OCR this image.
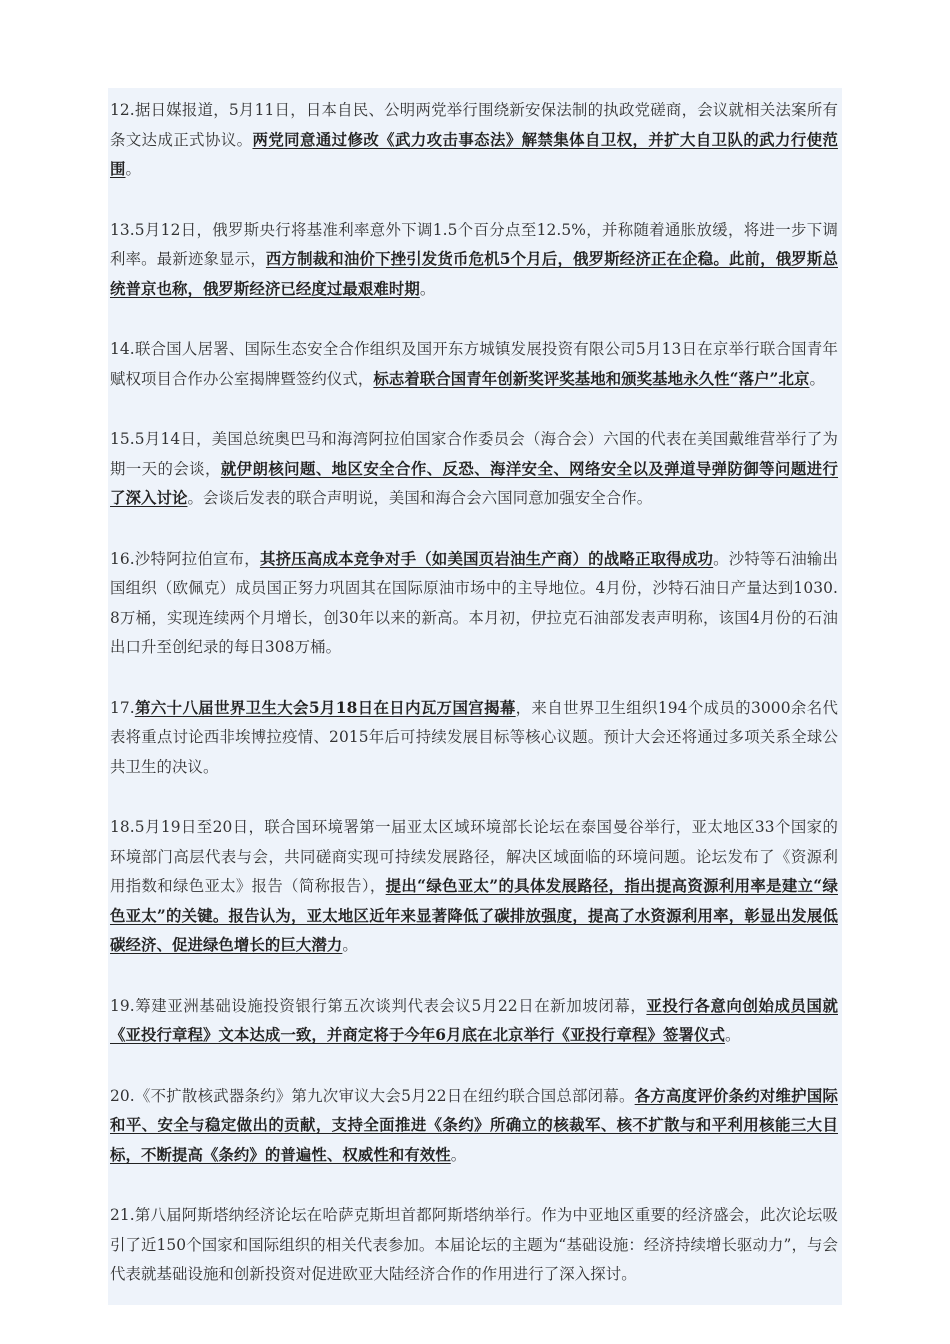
12.据日媒报道，5月11日，日本自民、公明两党举行围绕新安保法制的执政党磋商，会议就相关法案所有条文达成正式协议。两党同意通过修改《武力攻击事态法》解禁集体自卫权，并扩大自卫队的武力行使范围。

13.5月12日，俄罗斯央行将基准利率意外下调1.5个百分点至12.5%，并称随着通胀放缓，将进一步下调利率。最新迹象显示，西方制裁和油价下挫引发货币危机5个月后，俄罗斯经济正在企稳。此前，俄罗斯总统普京也称，俄罗斯经济已经度过最艰难时期。

14.联合国人居署、国际生态安全合作组织及国开东方城镇发展投资有限公司5月13日在京举行联合国青年赋权项目合作办公室揭牌暨签约仪式，标志着联合国青年创新奖评奖基地和颁奖基地永久性“落户”北京。

15.5月14日，美国总统奥巴马和海湾阿拉伯国家合作委员会（海合会）六国的代表在美国戴维营举行了为期一天的会谈，就伊朗核问题、地区安全合作、反恐、海洋安全、网络安全以及弹道导弹防御等问题进行了深入讨论。会谈后发表的联合声明说，美国和海合会六国同意加强安全合作。

16.沙特阿拉伯宣布，其挤压高成本竞争对手（如美国页岩油生产商）的战略正取得成功。沙特等石油输出国组织（欧佩克）成员国正努力巩固其在国际原油市场中的主导地位。4月份，沙特石油日产量达到1030.8万桶，实现连续两个月增长，创30年以来的新高。本月初，伊拉克石油部发表声明称，该国4月份的石油出口升至创纪录的每日308万桶。

17.第六十八届世界卫生大会5月18日在日内瓦万国宫揭幕，来自世界卫生组织194个成员的3000余名代表将重点讨论西非埃博拉疫情、2015年后可持续发展目标等核心议题。预计大会还将通过多项关系全球公共卫生的决议。

18.5月19日至20日，联合国环境署第一届亚太区域环境部长论坛在泰国曼谷举行，亚太地区33个国家的环境部门高层代表与会，共同磋商实现可持续发展路径，解决区域面临的环境问题。论坛发布了《资源利用指数和绿色亚太》报告（简称报告），提出“绿色亚太”的具体发展路径，指出提高资源利用率是建立“绿色亚太”的关键。报告认为，亚太地区近年来显著降低了碳排放强度，提高了水资源利用率，彰显出发展低碳经济、促进绿色增长的巨大潜力。

19.筹建亚洲基础设施投资银行第五次谈判代表会议5月22日在新加坡闭幕，亚投行各意向创始成员国就《亚投行章程》文本达成一致，并商定将于今年6月底在北京举行《亚投行章程》签署仪式。

20.《不扩散核武器条约》第九次审议大会5月22日在纽约联合国总部闭幕。各方高度评价条约对维护国际和平、安全与稳定做出的贡献，支持全面推进《条约》所确立的核裁军、核不扩散与和平利用核能三大目标，不断提高《条约》的普遍性、权威性和有效性。

21.第八届阿斯塔纳经济论坛在哈萨克斯坦首都阿斯塔纳举行。作为中亚地区重要的经济盛会，此次论坛吸引了近150个国家和国际组织的相关代表参加。本届论坛的主题为“基础设施：经济持续增长驱动力”，与会代表就基础设施和创新投资对促进欧亚大陆经济合作的作用进行了深入探讨。
